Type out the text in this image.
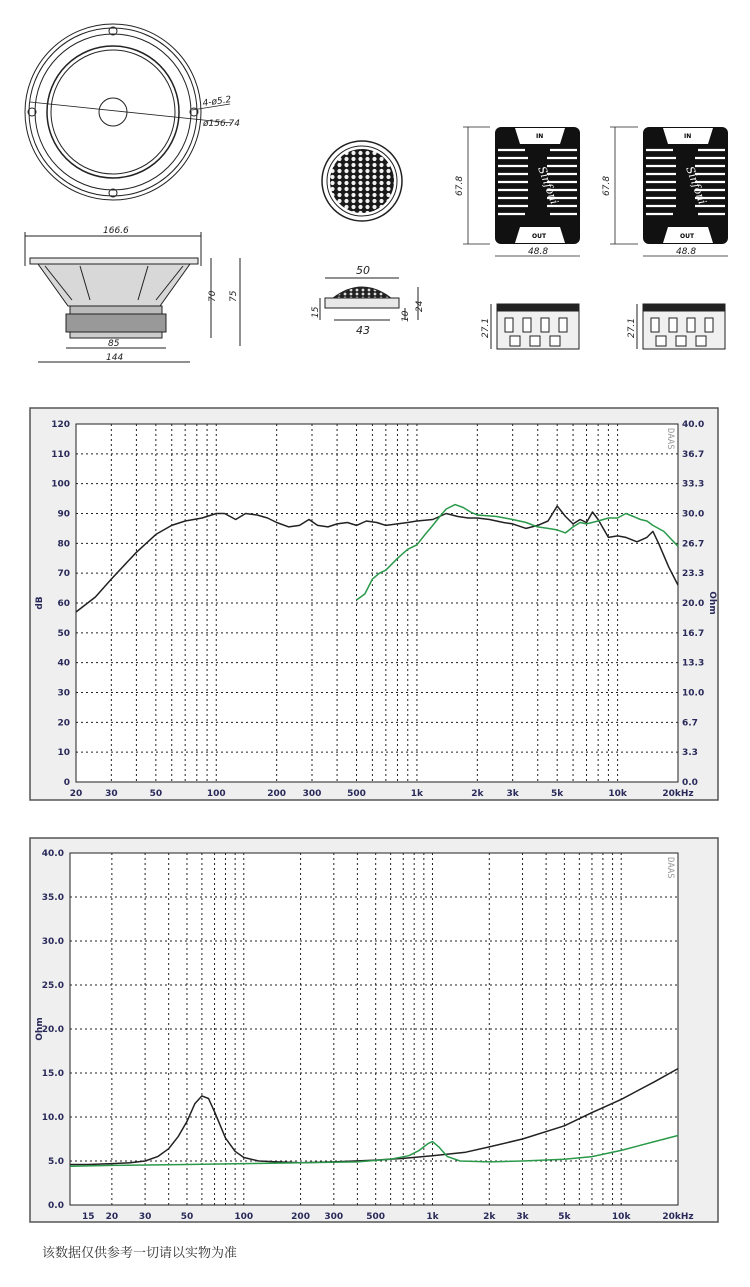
4-ø5.2
ø156.74
166.6
70 75
85
144
50
43
15	10
24
IN
OUT
Sinfoni
67.8
48.8
27.1
IN
OUT
Sinfoni
67.8
48.8
27.1
0
10
20
30
40
50
60
70
80
90
100
110
120
0.0
3.3
6.7
10.0
13.3
16.7
20.0
23.3
26.7
30.0
33.3
36.7
40.0
20	30	50	100	200 300	500	1k	2k	3k	5k	10k	20kHz
dB	Ohm
DAAS
0.0
5.0
10.0
15.0
20.0
25.0
30.0
35.0
40.0
15 20 30	50	100	200 300	500	1k	2k 3k	5k	10k	20kHz
Ohm
DAAS
该数据仅供参考一切请以实物为准
